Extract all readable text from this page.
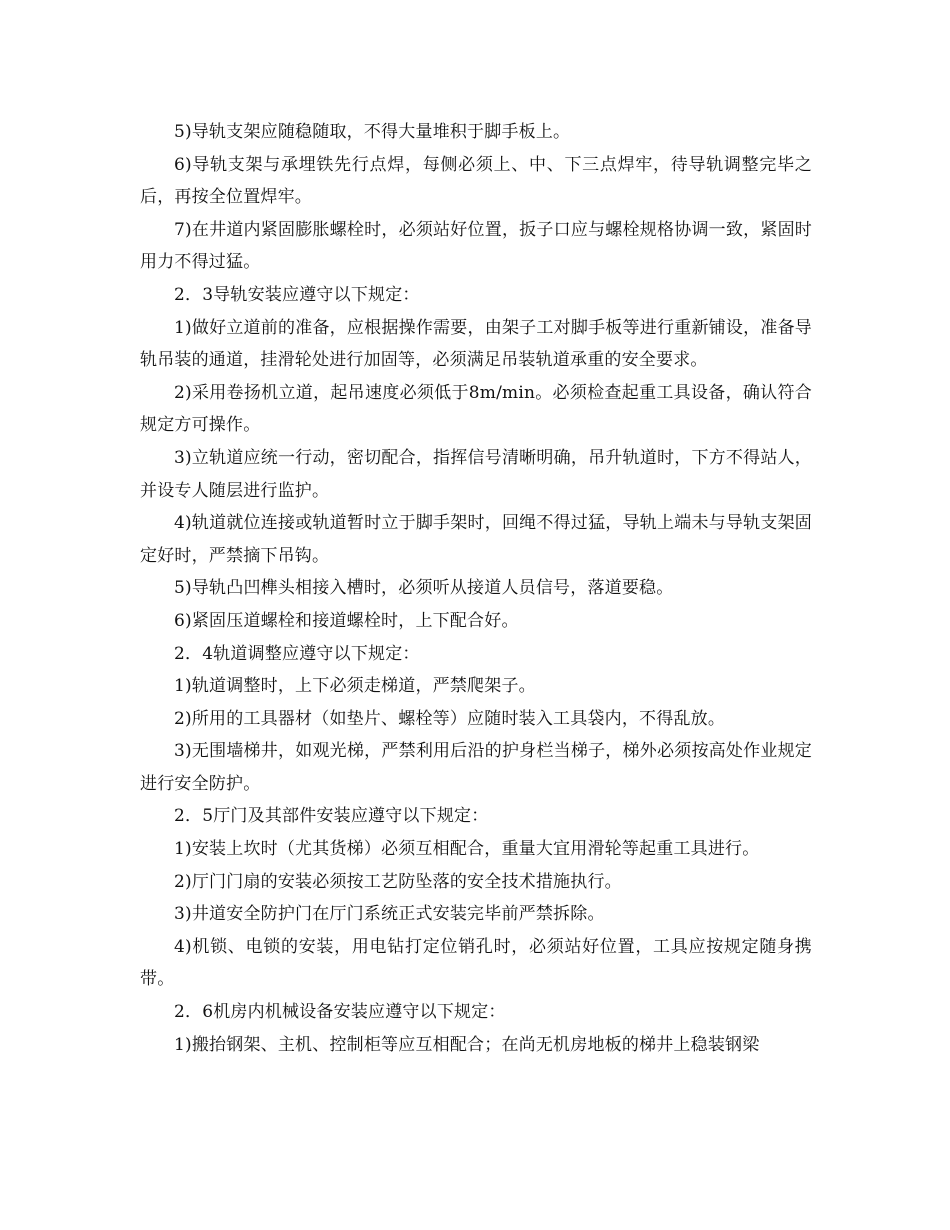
5)导轨支架应随稳随取，不得大量堆积于脚手板上。

6)导轨支架与承埋铁先行点焊，每侧必须上、中、下三点焊牢，待导轨调整完毕之后，再按全位置焊牢。

7)在井道内紧固膨胀螺栓时，必须站好位置，扳子口应与螺栓规格协调一致，紧固时用力不得过猛。

2．3导轨安装应遵守以下规定：

1)做好立道前的准备，应根据操作需要，由架子工对脚手板等进行重新铺设，准备导轨吊装的通道，挂滑轮处进行加固等，必须满足吊装轨道承重的安全要求。

2)采用卷扬机立道，起吊速度必须低于8m/min。必须检查起重工具设备，确认符合规定方可操作。

3)立轨道应统一行动，密切配合，指挥信号清晰明确，吊升轨道时，下方不得站人，并设专人随层进行监护。

4)轨道就位连接或轨道暂时立于脚手架时，回绳不得过猛，导轨上端未与导轨支架固定好时，严禁摘下吊钩。

5)导轨凸凹榫头相接入槽时，必须听从接道人员信号，落道要稳。

6)紧固压道螺栓和接道螺栓时，上下配合好。

2．4轨道调整应遵守以下规定：

1)轨道调整时，上下必须走梯道，严禁爬架子。

2)所用的工具器材（如垫片、螺栓等）应随时装入工具袋内，不得乱放。

3)无围墙梯井，如观光梯，严禁利用后沿的护身栏当梯子，梯外必须按高处作业规定进行安全防护。

2．5厅门及其部件安装应遵守以下规定：

1)安装上坎时（尤其货梯）必须互相配合，重量大宜用滑轮等起重工具进行。

2)厅门门扇的安装必须按工艺防坠落的安全技术措施执行。

3)井道安全防护门在厅门系统正式安装完毕前严禁拆除。

4)机锁、电锁的安装，用电钻打定位销孔时，必须站好位置，工具应按规定随身携带。

2．6机房内机械设备安装应遵守以下规定：

1)搬抬钢架、主机、控制柜等应互相配合；在尚无机房地板的梯井上稳装钢梁
